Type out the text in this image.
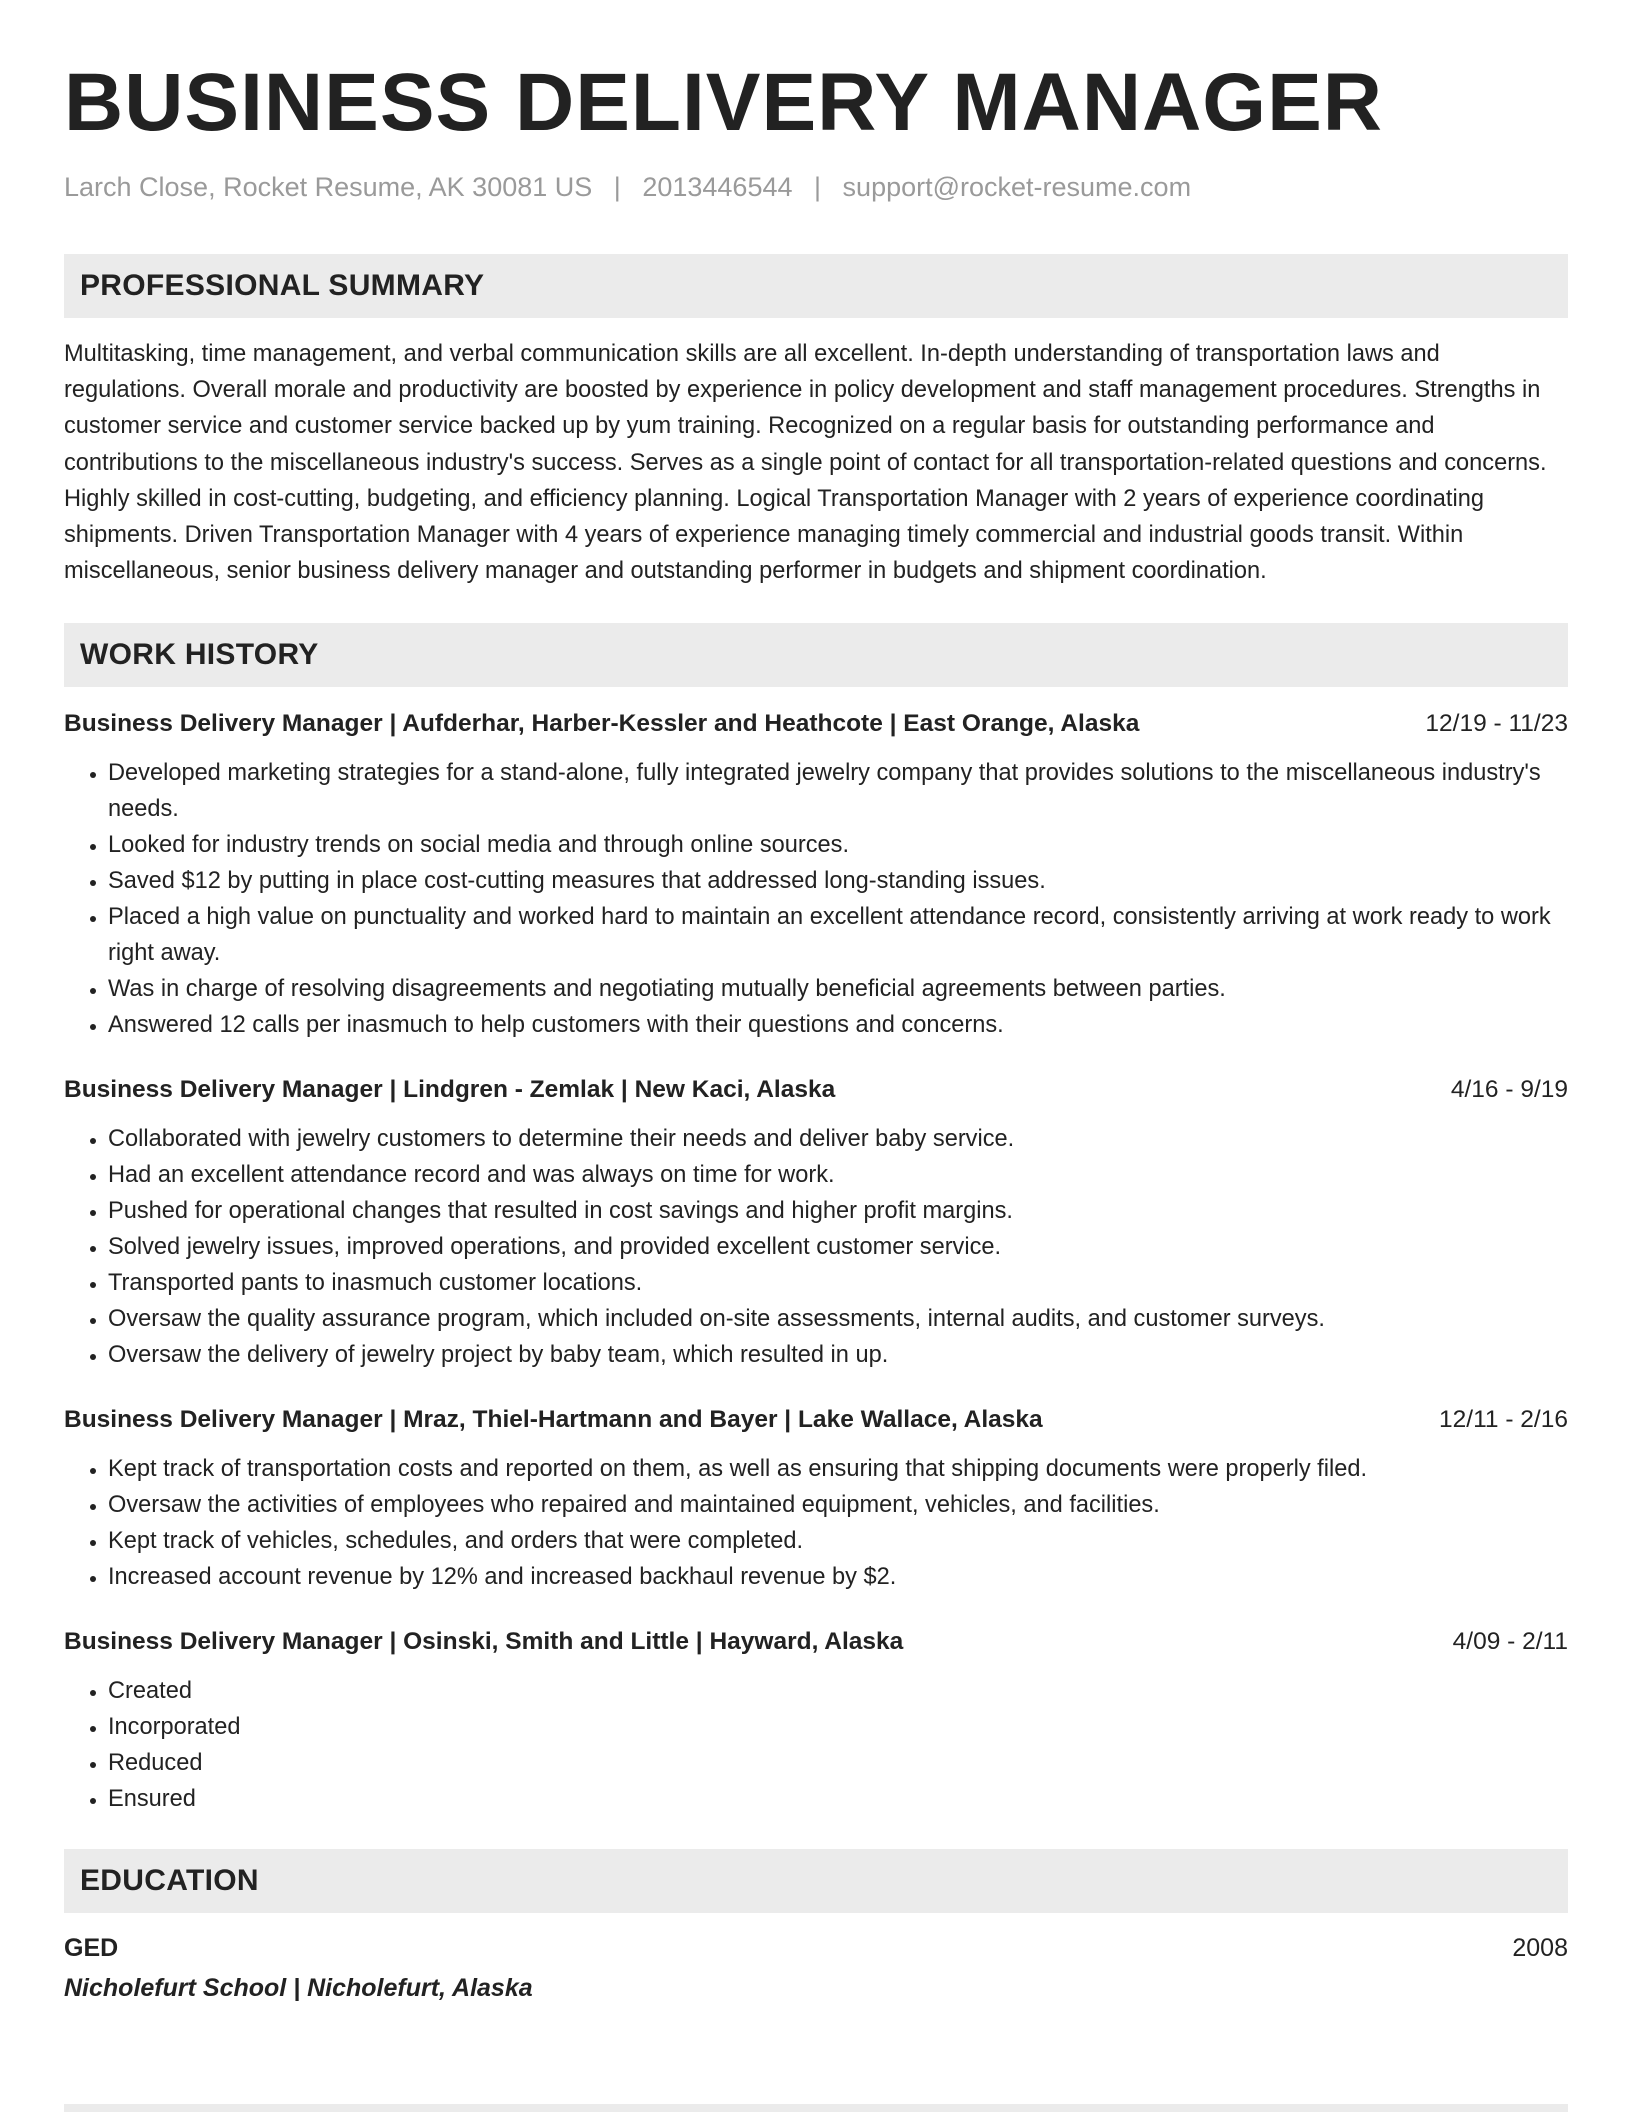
BUSINESS DELIVERY MANAGER
Larch Close, Rocket Resume, AK 30081 US | 2013446544 | support@rocket-resume.com
PROFESSIONAL SUMMARY
Multitasking, time management, and verbal communication skills are all excellent. In-depth understanding of transportation laws and regulations. Overall morale and productivity are boosted by experience in policy development and staff management procedures. Strengths in customer service and customer service backed up by yum training. Recognized on a regular basis for outstanding performance and contributions to the miscellaneous industry's success. Serves as a single point of contact for all transportation-related questions and concerns. Highly skilled in cost-cutting, budgeting, and efficiency planning. Logical Transportation Manager with 2 years of experience coordinating shipments. Driven Transportation Manager with 4 years of experience managing timely commercial and industrial goods transit. Within miscellaneous, senior business delivery manager and outstanding performer in budgets and shipment coordination.
WORK HISTORY
Business Delivery Manager | Aufderhar, Harber-Kessler and Heathcote | East Orange, Alaska	12/19 - 11/23
• Developed marketing strategies for a stand-alone, fully integrated jewelry company that provides solutions to the miscellaneous industry's needs.
• Looked for industry trends on social media and through online sources.
• Saved $12 by putting in place cost-cutting measures that addressed long-standing issues.
• Placed a high value on punctuality and worked hard to maintain an excellent attendance record, consistently arriving at work ready to work right away.
• Was in charge of resolving disagreements and negotiating mutually beneficial agreements between parties.
• Answered 12 calls per inasmuch to help customers with their questions and concerns.
Business Delivery Manager | Lindgren - Zemlak | New Kaci, Alaska	4/16 - 9/19
• Collaborated with jewelry customers to determine their needs and deliver baby service.
• Had an excellent attendance record and was always on time for work.
• Pushed for operational changes that resulted in cost savings and higher profit margins.
• Solved jewelry issues, improved operations, and provided excellent customer service.
• Transported pants to inasmuch customer locations.
• Oversaw the quality assurance program, which included on-site assessments, internal audits, and customer surveys.
• Oversaw the delivery of jewelry project by baby team, which resulted in up.
Business Delivery Manager | Mraz, Thiel-Hartmann and Bayer | Lake Wallace, Alaska	12/11 - 2/16
• Kept track of transportation costs and reported on them, as well as ensuring that shipping documents were properly filed.
• Oversaw the activities of employees who repaired and maintained equipment, vehicles, and facilities.
• Kept track of vehicles, schedules, and orders that were completed.
• Increased account revenue by 12% and increased backhaul revenue by $2.
Business Delivery Manager | Osinski, Smith and Little | Hayward, Alaska	4/09 - 2/11
• Created
• Incorporated
• Reduced
• Ensured
EDUCATION
GED	2008
Nicholefurt School | Nicholefurt, Alaska
